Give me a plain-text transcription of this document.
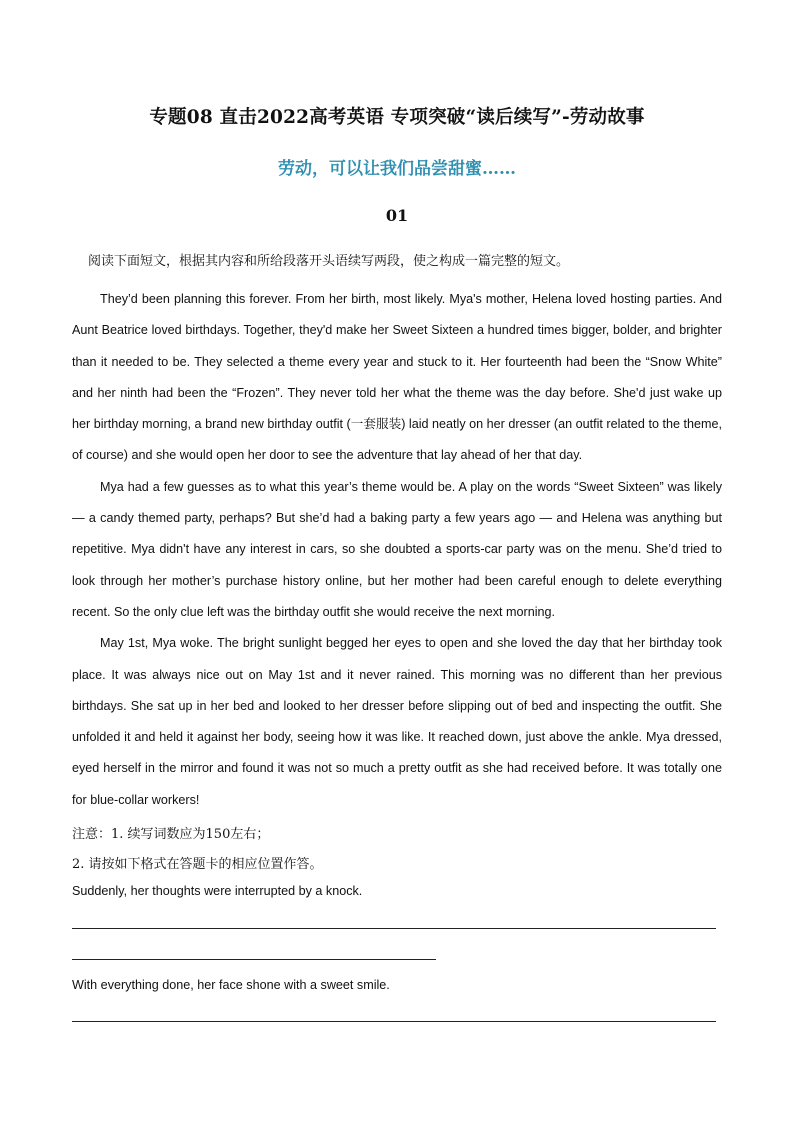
专题08 直击2022高考英语 专项突破“读后续写”-劳动故事
劳动，可以让我们品尝甜蜜……
01
阅读下面短文，根据其内容和所给段落开头语续写两段，使之构成一篇完整的短文。

They’d been planning this forever. From her birth, most likely. Mya's mother, Helena loved hosting parties. And Aunt Beatrice loved birthdays. Together, they'd make her Sweet Sixteen a hundred times bigger, bolder, and brighter than it needed to be. They selected a theme every year and stuck to it. Her fourteenth had been the “Snow White” and her ninth had been the “Frozen”. They never told her what the theme was the day before. She'd just wake up her birthday morning, a brand new birthday outfit (一套服装) laid neatly on her dresser (an outfit related to the theme, of course) and she would open her door to see the adventure that lay ahead of her that day.

Mya had a few guesses as to what this year’s theme would be. A play on the words “Sweet Sixteen” was likely — a candy themed party, perhaps? But she’d had a baking party a few years ago — and Helena was anything but repetitive. Mya didn't have any interest in cars, so she doubted a sports-car party was on the menu. She’d tried to look through her mother’s purchase history online, but her mother had been careful enough to delete everything recent. So the only clue left was the birthday outfit she would receive the next morning.

May 1st, Mya woke. The bright sunlight begged her eyes to open and she loved the day that her birthday took place. It was always nice out on May 1st and it never rained. This morning was no different than her previous birthdays. She sat up in her bed and looked to her dresser before slipping out of bed and inspecting the outfit. She unfolded it and held it against her body, seeing how it was like. It reached down, just above the ankle. Mya dressed, eyed herself in the mirror and found it was not so much a pretty outfit as she had received before. It was totally one for blue-collar workers!

注意：1. 续写词数应为150左右；
2. 请按如下格式在答题卡的相应位置作答。
Suddenly, her thoughts were interrupted by a knock.
With everything done, her face shone with a sweet smile.
